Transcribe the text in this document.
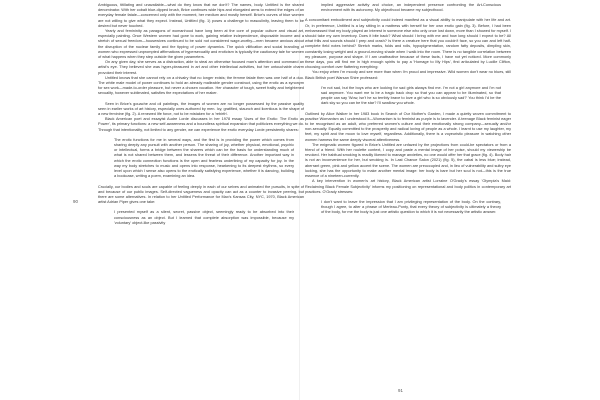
90

Ambiguous, titillating and unavailable—what do they know that we don't? The names, body. Untitled is the shared denominator. With her cobalt blue-dipped brush, Brice continues wide hips and elongated arms to extend the edges of an everyday female fatale—concerned only with the moment, her medium and mostly herself. Brice's curves of blue women are not willing to give what they expect. Instead, Untitled (fig. 1) poses a challenge to masculinity, leaving them to be desired but never touched.

Yearly and femininity as paragons of womanhood have long been at the core of popular culture and visual art, especially painting. Once Western women had gone to work, gaining relative independence, disposable income and a stretch of sexual freedom—housewives continued to be sold not considered wage-worthy—men became anxious about the disruption of the nuclear family and the tipping of power dynamics. The quick vilification and social branding of women who expressed unprompted affirmations of hypersexuality and eroticism is typically the cautionary tale for women of what happens when they step outside the given parameters.

On any given day, she serves as a distraction, able to steal an otherwise focused man's attention and command an artist's eye. They believed she was hyper-pleasured in art and other intellectual activities, but her untouchable charm provoked their interest.

Untitled knows that she cannot rely on a chivalry that no longer exists; the femme fatale then was one half of a duo. The white male model of power continues to hold an already malleable gender construct, using the erotic as a synonym for sex work—made-to-order pleasure, but never a chosen vocation. Her character of tough, sweet frailty and heightened sexuality, however sublimated, satisfies the expectations of her maker.

Seen in Brice's gouache and oil paintings, the images of women are no longer possessed by the passive quality seen in earlier works of art history, especially ones authored by men. Icy, gratified, staunch and licentious is the shape of a new feminine (fig. 2). A renewed life force, not to be mistaken for a 'rebirth'.

Black American poet and essayist Audre Lorde discusses in her 1978 essay 'Uses of the Erotic: The Erotic as Power', its primary functions: a new self-awareness and a boundless spiritual expansion that politicizes everything we do. Through that intentionality, not limited to any gender, we can experience the erotic everyday Lorde persistently shares:

The erotic functions for me in several ways, and the first is in providing the power which comes from sharing deeply any pursuit with another person. The sharing of joy, whether physical, emotional, psychic or intellectual, forms a bridge between the sharers which can be the basis for understanding much of what is not shared between them, and lessens the threat of their difference. Another important way in which the erotic connection functions is the open and fearless underlining of my capacity for joy. In the way my body stretches to music and opens into response, hearkening to its deepest rhythms, so every level upon which I sense also opens to the erotically satisfying experience, whether it is dancing, building a bookcase, writing a poem, examining an idea.

Crucially, our bodies and souls are capable of feeling deeply in each of our selves and animated the pursuits, in spite of and because of our public images. Self-directed vagueness and opacity can act as a counter to invasive peering, but there are some alternatives. In relation to her Untitled Performance for Max's Kansas City, NYC, 1970, Black American artist Adrian Piper gives one take:

I presented myself as a silent, secret, passive object, seemingly ready to be absorbed into their consciousness as an object. But I learned that complete absorption was impossible, because my 'voluntary' object-like passivity

implied aggressive activity and choice, an independent presence confronting the Art-Conscious environment with its autonomy. My objecthood became my subjecthood.

A concomitant embodiment and subjectivity could indeed manifest as a visual ability to manipulate with her life and art. Or, in preference, Untitled is a lay sitting in a mattress with herself for her own erotic gain (fig. 3). Before, I had been embarrassed that my body played an interest in someone else who only once lost down, more than I showed for myself. I should take my own inventory. Does it bite back? What should I bring with me and how long should I expect to be? All what frills and sounds should I prep and crash? Is there a creature here that you couldn't face, so you can and left half-complete field notes behind? Stretch marks, folds and rolls, hypopigmentation, random fatty deposits, dimpling skin, constantly losing weight and a ground-moving shade when I walk into the room. There is no tangible correlation between my pleasure, purpose and shape. If I am unattractive because of these facts, I have not yet noticed. More commonly these days, you will find me in high enough spirits to pay a 'Homage to My Hips', first articulated by Lucille Clifton, choosing comfort over flattering everything:

You enjoy when I'm moody and see more than when I'm proud and impressive. Wild women don't wear no blues, still Black British poet Warsan Shire professed:

I'm not sad, but the boys who are looking for sad girls always find me. I'm not a girl anymore and I'm not sad anymore. You want me to be a tragic back drop so that you can appear to be illuminated, so that people can say 'Wow, isn't he so terribly brave to love a girl who is so obviously sad?' You think I'd be the dark sky so you can be the star? I'll swallow you whole.

Outlined by Alice Walker in her 1983 book In Search of Our Mother's Garden, I made a quietly woven commitment to practise Womanism as I understood it—Womanism is to feminist as purple is to lavender. A teenage Black feminist eager to be recognised as an adult, who preferred women's culture and their emotionally strong company—sexually and/or non-sexually. Equally committed to the prosperity and radical loving of people as a whole. I learnt to use my laughter, my feet, my spirit and the moon to love myself, regardless. Additionally, there is a voyeuristic pleasure in watching other women harness the same deeply visceral attentiveness.

The enigmatic women figured in Brice's Untitled are unfazed by the projections from could-be spectators or from a friend of a friend. With her roulette context, I copy and paste a mental image of her poise, should my viewership be revoked. Her habitual smoking is readily likened to manage anxieties, no one would offer her that grace (fig. 4). Body hair is not an inconvenience for her, but smoking is. In Last Chance Salon (2021) (fig. 5), the cabal is less blue; instead, aberrant green, pink and yellow accent the scene. The women are preoccupied and, in lieu of vulnerability and sultry eye locking, she has the opportunity to make another mental image: her body is bare but her soul is not—this is the true essence of a nineteen-currently.

A key intervention in women's art history, Black American artist Lorraine O'Grady's essay 'Olympia's Maid: Reclaiming Black Female Subjectivity' informs my positioning on representational and body politics in contemporary art practices. O'Grady stresses:

I don't want to leave the impression that I am privileging representation of the body. On the contrary, though I agree, to alter a phrase of Merleau-Ponty, that every theory of subjectivity is ultimately a theory of the body, for me the body is just one artistic question to which it is not necessarily the artistic answer.

91
